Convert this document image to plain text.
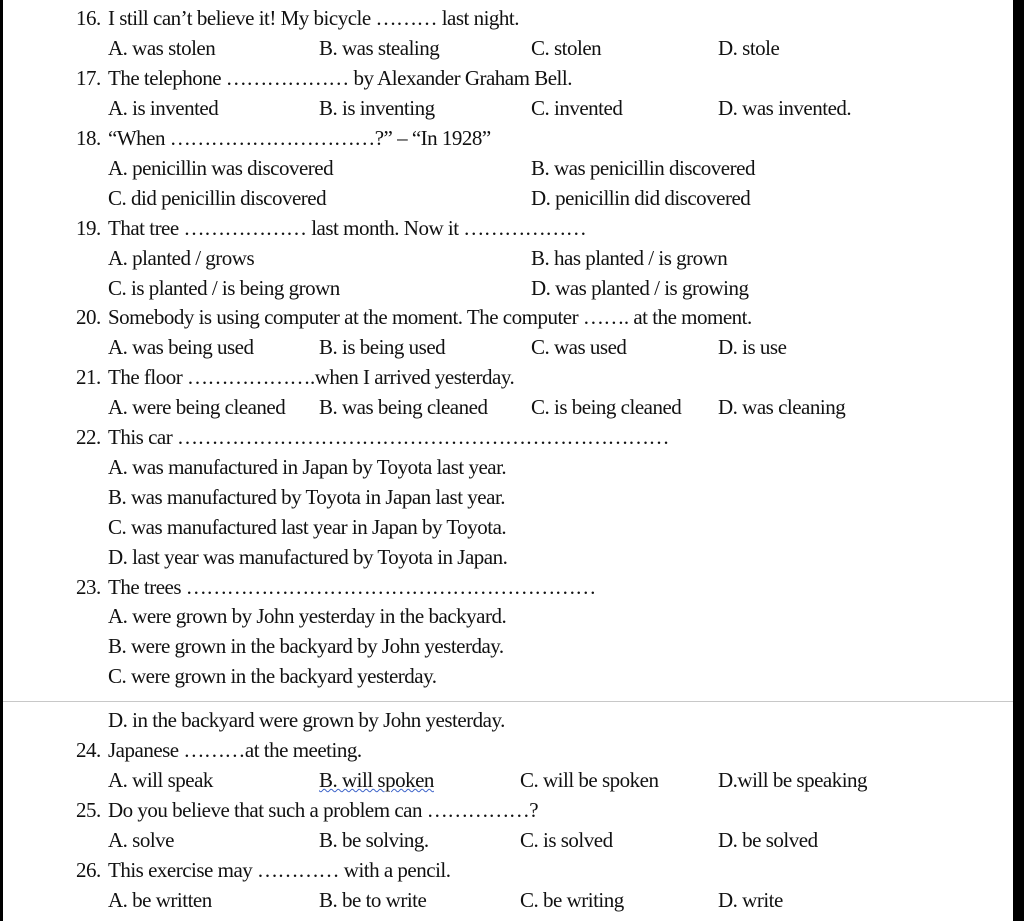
16. I still can’t believe it! My bicycle ……… last night.
A. was stolen	B. was stealing	C. stolen	D. stole
17. The telephone ……………… by Alexander Graham Bell.
A. is invented	B. is inventing	C. invented	D. was invented.
18. “When …………………………?” – “In 1928”
A. penicillin was discovered	B. was penicillin discovered
C. did penicillin discovered	D. penicillin did discovered
19. That tree ……………… last month. Now it ………………
A. planted / grows	B. has planted / is grown
C. is planted / is being grown	D. was planted / is growing
20. Somebody is using computer at the moment. The computer ……. at the moment.
A. was being used	B. is being used	C. was used	D. is use
21. The floor ……………….when I arrived yesterday.
A. were being cleaned B. was being cleaned C. is being cleaned D. was cleaning
22. This car ………………………………………………………………
A. was manufactured in Japan by Toyota last year.
B. was manufactured by Toyota in Japan last year.
C. was manufactured last year in Japan by Toyota.
D. last year was manufactured by Toyota in Japan.
23. The trees ……………………………………………………
A. were grown by John yesterday in the backyard.
B. were grown in the backyard by John yesterday.
C. were grown in the backyard yesterday.
D. in the backyard were grown by John yesterday.
24. Japanese ………at the meeting.
A. will speak	B. will spoken	C. will be spoken	D.will be speaking
25. Do you believe that such a problem can ……………?
A. solve	B. be solving.	C. is solved	D. be solved
26. This exercise may ………… with a pencil.
A. be written	B. be to write	C. be writing	D. write
